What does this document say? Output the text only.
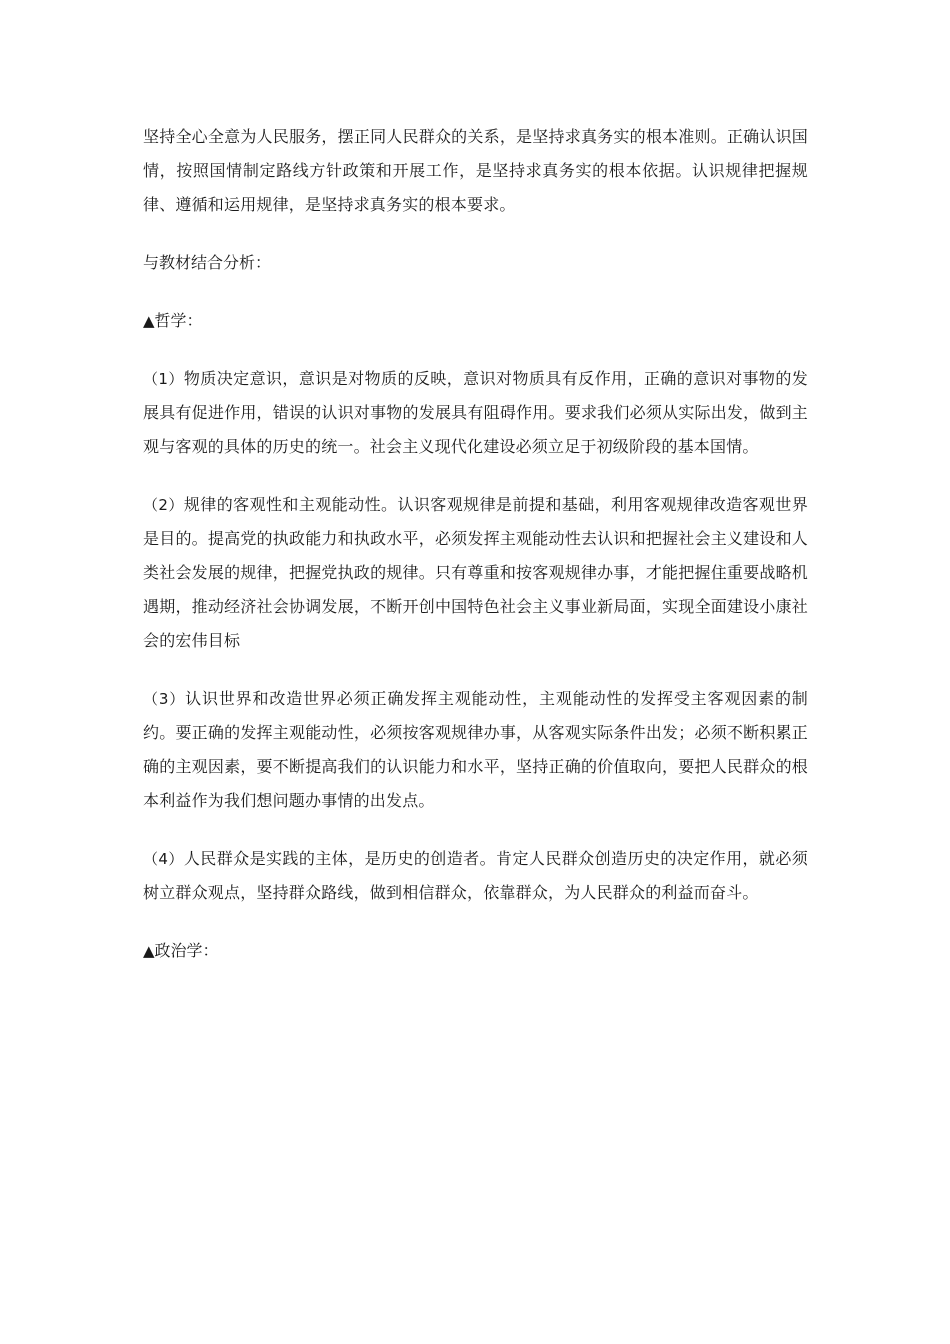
坚持全心全意为人民服务，摆正同人民群众的关系，是坚持求真务实的根本准则。正确认识国情，按照国情制定路线方针政策和开展工作，是坚持求真务实的根本依据。认识规律把握规律、遵循和运用规律，是坚持求真务实的根本要求。

与教材结合分析：

▲哲学：

（1）物质决定意识，意识是对物质的反映，意识对物质具有反作用，正确的意识对事物的发展具有促进作用，错误的认识对事物的发展具有阻碍作用。要求我们必须从实际出发，做到主观与客观的具体的历史的统一。社会主义现代化建设必须立足于初级阶段的基本国情。

（2）规律的客观性和主观能动性。认识客观规律是前提和基础，利用客观规律改造客观世界是目的。提高党的执政能力和执政水平，必须发挥主观能动性去认识和把握社会主义建设和人类社会发展的规律，把握党执政的规律。只有尊重和按客观规律办事，才能把握住重要战略机遇期，推动经济社会协调发展，不断开创中国特色社会主义事业新局面，实现全面建设小康社会的宏伟目标

（3）认识世界和改造世界必须正确发挥主观能动性，主观能动性的发挥受主客观因素的制约。要正确的发挥主观能动性，必须按客观规律办事，从客观实际条件出发；必须不断积累正确的主观因素，要不断提高我们的认识能力和水平，坚持正确的价值取向，要把人民群众的根本利益作为我们想问题办事情的出发点。

（4）人民群众是实践的主体，是历史的创造者。肯定人民群众创造历史的决定作用，就必须树立群众观点，坚持群众路线，做到相信群众，依靠群众，为人民群众的利益而奋斗。

▲政治学：
